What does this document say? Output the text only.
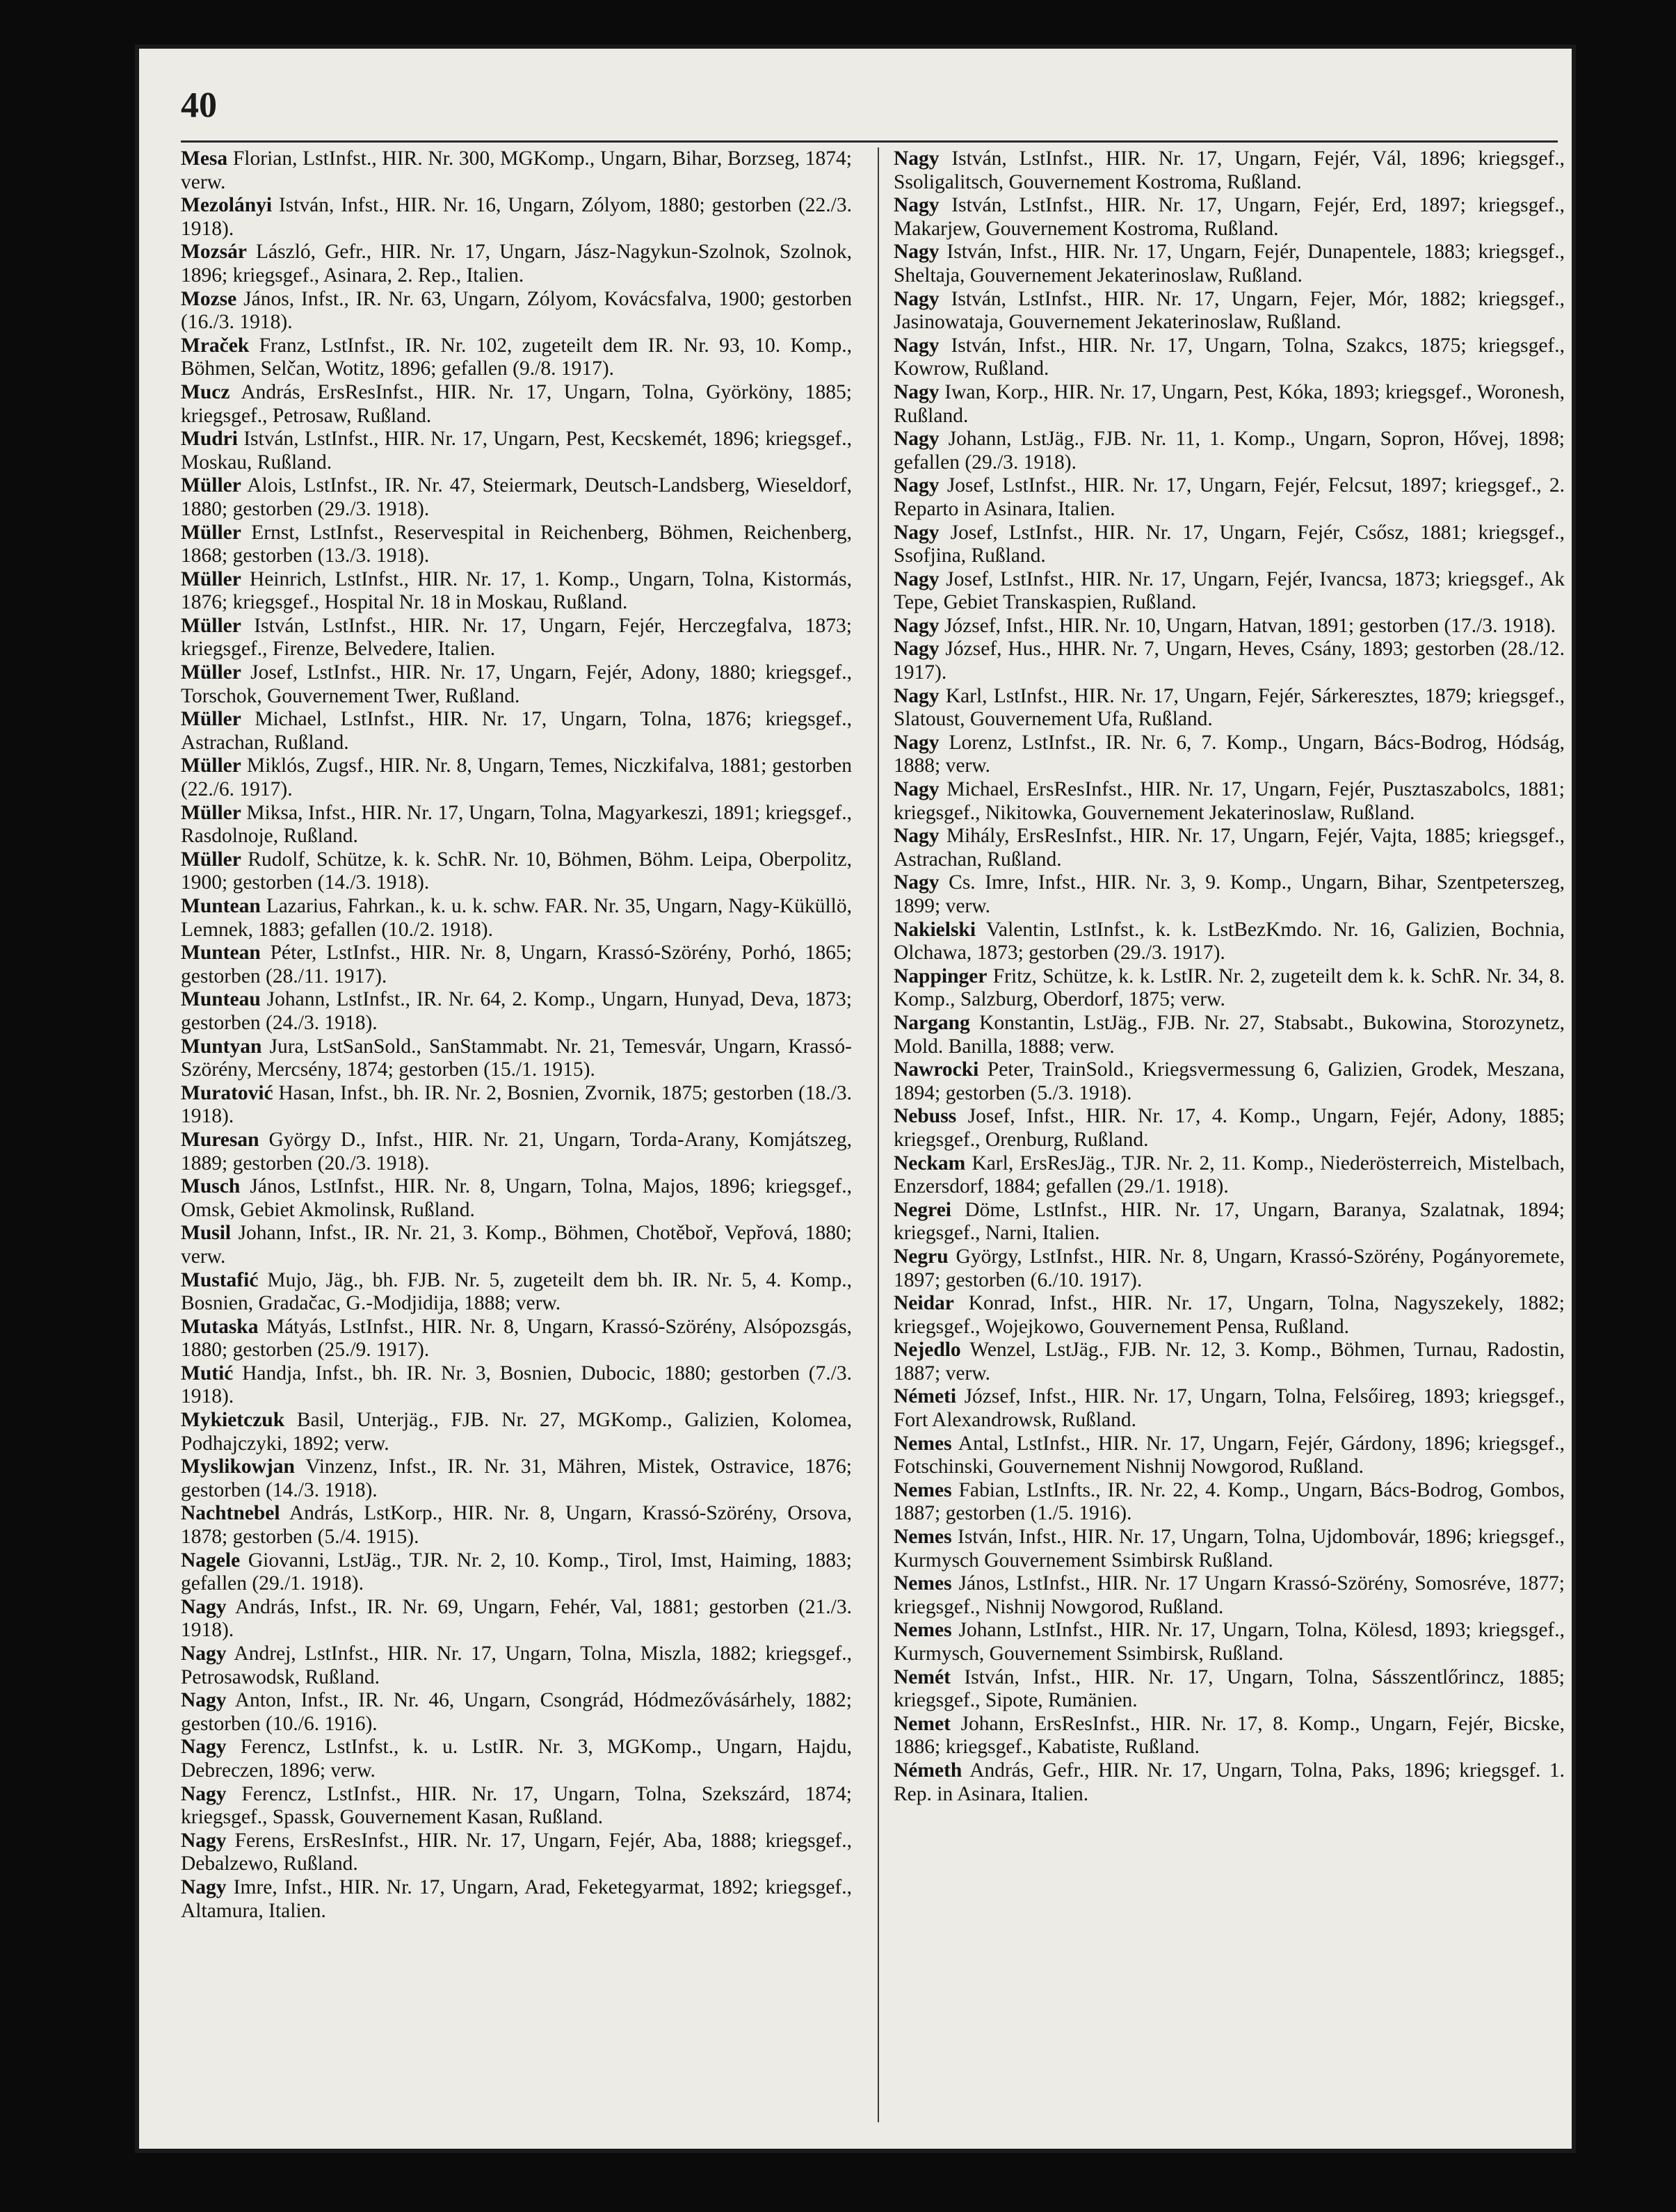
40
Mesa Florian, LstInfst., HIR. Nr. 300, MGKomp., Ungarn, Bihar, Borzseg, 1874; verw.
Mezolányi István, Infst., HIR. Nr. 16, Ungarn, Zólyom, 1880; gestorben (22./3. 1918).
Mozsár László, Gefr., HIR. Nr. 17, Ungarn, Jász-Nagykun-Szolnok, Szolnok, 1896; kriegsgef., Asinara, 2. Rep., Italien.
Mozse János, Infst., IR. Nr. 63, Ungarn, Zólyom, Kovácsfalva, 1900; gestorben (16./3. 1918).
Mraček Franz, LstInfst., IR. Nr. 102, zugeteilt dem IR. Nr. 93, 10. Komp., Böhmen, Selčan, Wotitz, 1896; gefallen (9./8. 1917).
Mucz András, ErsResInfst., HIR. Nr. 17, Ungarn, Tolna, Györköny, 1885; kriegsgef., Petrosaw, Rußland.
Mudri István, LstInfst., HIR. Nr. 17, Ungarn, Pest, Kecskemét, 1896; kriegsgef., Moskau, Rußland.
Müller Alois, LstInfst., IR. Nr. 47, Steiermark, Deutsch-Landsberg, Wieseldorf, 1880; gestorben (29./3. 1918).
Müller Ernst, LstInfst., Reservespital in Reichenberg, Böhmen, Reichenberg, 1868; gestorben (13./3. 1918).
Müller Heinrich, LstInfst., HIR. Nr. 17, 1. Komp., Ungarn, Tolna, Kistormás, 1876; kriegsgef., Hospital Nr. 18 in Moskau, Rußland.
Müller István, LstInfst., HIR. Nr. 17, Ungarn, Fejér, Herczegfalva, 1873; kriegsgef., Firenze, Belvedere, Italien.
Müller Josef, LstInfst., HIR. Nr. 17, Ungarn, Fejér, Adony, 1880; kriegsgef., Torschok, Gouvernement Twer, Rußland.
Müller Michael, LstInfst., HIR. Nr. 17, Ungarn, Tolna, 1876; kriegsgef., Astrachan, Rußland.
Müller Miklós, Zugsf., HIR. Nr. 8, Ungarn, Temes, Niczkifalva, 1881; gestorben (22./6. 1917).
Müller Miksa, Infst., HIR. Nr. 17, Ungarn, Tolna, Magyarkeszi, 1891; kriegsgef., Rasdolnoje, Rußland.
Müller Rudolf, Schütze, k. k. SchR. Nr. 10, Böhmen, Böhm. Leipa, Oberpolitz, 1900; gestorben (14./3. 1918).
Muntean Lazarius, Fahrkan., k. u. k. schw. FAR. Nr. 35, Ungarn, Nagy-Küküllö, Lemnek, 1883; gefallen (10./2. 1918).
Muntean Péter, LstInfst., HIR. Nr. 8, Ungarn, Krassó-Szörény, Porhó, 1865; gestorben (28./11. 1917).
Munteau Johann, LstInfst., IR. Nr. 64, 2. Komp., Ungarn, Hunyad, Deva, 1873; gestorben (24./3. 1918).
Muntyan Jura, LstSanSold., SanStammabt. Nr. 21, Temesvár, Ungarn, Krassó-Szörény, Mercsény, 1874; gestorben (15./1. 1915).
Muratović Hasan, Infst., bh. IR. Nr. 2, Bosnien, Zvornik, 1875; gestorben (18./3. 1918).
Muresan György D., Infst., HIR. Nr. 21, Ungarn, Torda-Arany, Komjátszeg, 1889; gestorben (20./3. 1918).
Musch János, LstInfst., HIR. Nr. 8, Ungarn, Tolna, Majos, 1896; kriegsgef., Omsk, Gebiet Akmolinsk, Rußland.
Musil Johann, Infst., IR. Nr. 21, 3. Komp., Böhmen, Chotěboř, Vepřová, 1880; verw.
Mustafić Mujo, Jäg., bh. FJB. Nr. 5, zugeteilt dem bh. IR. Nr. 5, 4. Komp., Bosnien, Gradačac, G.-Modjidija, 1888; verw.
Mutaska Mátyás, LstInfst., HIR. Nr. 8, Ungarn, Krassó-Szörény, Alsópozsgás, 1880; gestorben (25./9. 1917).
Mutić Handja, Infst., bh. IR. Nr. 3, Bosnien, Dubocic, 1880; gestorben (7./3. 1918).
Mykietczuk Basil, Unterjäg., FJB. Nr. 27, MGKomp., Galizien, Kolomea, Podhajczyki, 1892; verw.
Myslikowjan Vinzenz, Infst., IR. Nr. 31, Mähren, Mistek, Ostravice, 1876; gestorben (14./3. 1918).
Nachtnebel András, LstKorp., HIR. Nr. 8, Ungarn, Krassó-Szörény, Orsova, 1878; gestorben (5./4. 1915).
Nagele Giovanni, LstJäg., TJR. Nr. 2, 10. Komp., Tirol, Imst, Haiming, 1883; gefallen (29./1. 1918).
Nagy András, Infst., IR. Nr. 69, Ungarn, Fehér, Val, 1881; gestorben (21./3. 1918).
Nagy Andrej, LstInfst., HIR. Nr. 17, Ungarn, Tolna, Miszla, 1882; kriegsgef., Petrosawodsk, Rußland.
Nagy Anton, Infst., IR. Nr. 46, Ungarn, Csongrád, Hódmezővásárhely, 1882; gestorben (10./6. 1916).
Nagy Ferencz, LstInfst., k. u. LstIR. Nr. 3, MGKomp., Ungarn, Hajdu, Debreczen, 1896; verw.
Nagy Ferencz, LstInfst., HIR. Nr. 17, Ungarn, Tolna, Szekszárd, 1874; kriegsgef., Spassk, Gouvernement Kasan, Rußland.
Nagy Ferens, ErsResInfst., HIR. Nr. 17, Ungarn, Fejér, Aba, 1888; kriegsgef., Debalzewo, Rußland.
Nagy Imre, Infst., HIR. Nr. 17, Ungarn, Arad, Feketegyarmat, 1892; kriegsgef., Altamura, Italien.
Nagy István, LstInfst., HIR. Nr. 17, Ungarn, Fejér, Vál, 1896; kriegsgef., Ssoligalitsch, Gouvernement Kostroma, Rußland.
Nagy István, LstInfst., HIR. Nr. 17, Ungarn, Fejér, Erd, 1897; kriegsgef., Makarjew, Gouvernement Kostroma, Rußland.
Nagy István, Infst., HIR. Nr. 17, Ungarn, Fejér, Dunapentele, 1883; kriegsgef., Sheltaja, Gouvernement Jekaterinoslaw, Rußland.
Nagy István, LstInfst., HIR. Nr. 17, Ungarn, Fejer, Mór, 1882; kriegsgef., Jasinowataja, Gouvernement Jekaterinoslaw, Rußland.
Nagy István, Infst., HIR. Nr. 17, Ungarn, Tolna, Szakcs, 1875; kriegsgef., Kowrow, Rußland.
Nagy Iwan, Korp., HIR. Nr. 17, Ungarn, Pest, Kóka, 1893; kriegsgef., Woronesh, Rußland.
Nagy Johann, LstJäg., FJB. Nr. 11, 1. Komp., Ungarn, Sopron, Hővej, 1898; gefallen (29./3. 1918).
Nagy Josef, LstInfst., HIR. Nr. 17, Ungarn, Fejér, Felcsut, 1897; kriegsgef., 2. Reparto in Asinara, Italien.
Nagy Josef, LstInfst., HIR. Nr. 17, Ungarn, Fejér, Csősz, 1881; kriegsgef., Ssofjina, Rußland.
Nagy Josef, LstInfst., HIR. Nr. 17, Ungarn, Fejér, Ivancsa, 1873; kriegsgef., Ak Tepe, Gebiet Transkaspien, Rußland.
Nagy József, Infst., HIR. Nr. 10, Ungarn, Hatvan, 1891; gestorben (17./3. 1918).
Nagy József, Hus., HHR. Nr. 7, Ungarn, Heves, Csány, 1893; gestorben (28./12. 1917).
Nagy Karl, LstInfst., HIR. Nr. 17, Ungarn, Fejér, Sárkeresztes, 1879; kriegsgef., Slatoust, Gouvernement Ufa, Rußland.
Nagy Lorenz, LstInfst., IR. Nr. 6, 7. Komp., Ungarn, Bács-Bodrog, Hódság, 1888; verw.
Nagy Michael, ErsResInfst., HIR. Nr. 17, Ungarn, Fejér, Pusztaszabolcs, 1881; kriegsgef., Nikitowka, Gouvernement Jekaterinoslaw, Rußland.
Nagy Mihály, ErsResInfst., HIR. Nr. 17, Ungarn, Fejér, Vajta, 1885; kriegsgef., Astrachan, Rußland.
Nagy Cs. Imre, Infst., HIR. Nr. 3, 9. Komp., Ungarn, Bihar, Szentpeterszeg, 1899; verw.
Nakielski Valentin, LstInfst., k. k. LstBezKmdo. Nr. 16, Galizien, Bochnia, Olchawa, 1873; gestorben (29./3. 1917).
Nappinger Fritz, Schütze, k. k. LstIR. Nr. 2, zugeteilt dem k. k. SchR. Nr. 34, 8. Komp., Salzburg, Oberdorf, 1875; verw.
Nargang Konstantin, LstJäg., FJB. Nr. 27, Stabsabt., Bukowina, Storozynetz, Mold. Banilla, 1888; verw.
Nawrocki Peter, TrainSold., Kriegsvermessung 6, Galizien, Grodek, Meszana, 1894; gestorben (5./3. 1918).
Nebuss Josef, Infst., HIR. Nr. 17, 4. Komp., Ungarn, Fejér, Adony, 1885; kriegsgef., Orenburg, Rußland.
Neckam Karl, ErsResJäg., TJR. Nr. 2, 11. Komp., Niederösterreich, Mistelbach, Enzersdorf, 1884; gefallen (29./1. 1918).
Negrei Döme, LstInfst., HIR. Nr. 17, Ungarn, Baranya, Szalatnak, 1894; kriegsgef., Narni, Italien.
Negru György, LstInfst., HIR. Nr. 8, Ungarn, Krassó-Szörény, Pogányoremete, 1897; gestorben (6./10. 1917).
Neidar Konrad, Infst., HIR. Nr. 17, Ungarn, Tolna, Nagyszekely, 1882; kriegsgef., Wojejkowo, Gouvernement Pensa, Rußland.
Nejedlo Wenzel, LstJäg., FJB. Nr. 12, 3. Komp., Böhmen, Turnau, Radostin, 1887; verw.
Németi József, Infst., HIR. Nr. 17, Ungarn, Tolna, Felsőireg, 1893; kriegsgef., Fort Alexandrowsk, Rußland.
Nemes Antal, LstInfst., HIR. Nr. 17, Ungarn, Fejér, Gárdony, 1896; kriegsgef., Fotschinski, Gouvernement Nishnij Nowgorod, Rußland.
Nemes Fabian, LstInfts., IR. Nr. 22, 4. Komp., Ungarn, Bács-Bodrog, Gombos, 1887; gestorben (1./5. 1916).
Nemes István, Infst., HIR. Nr. 17, Ungarn, Tolna, Ujdombovár, 1896; kriegsgef., Kurmysch Gouvernement Ssimbirsk Rußland.
Nemes János, LstInfst., HIR. Nr. 17 Ungarn Krassó-Szörény, Somosréve, 1877; kriegsgef., Nishnij Nowgorod, Rußland.
Nemes Johann, LstInfst., HIR. Nr. 17, Ungarn, Tolna, Kölesd, 1893; kriegsgef., Kurmysch, Gouvernement Ssimbirsk, Rußland.
Nemét István, Infst., HIR. Nr. 17, Ungarn, Tolna, Sásszentlőrincz, 1885; kriegsgef., Sipote, Rumänien.
Nemet Johann, ErsResInfst., HIR. Nr. 17, 8. Komp., Ungarn, Fejér, Bicske, 1886; kriegsgef., Kabatiste, Rußland.
Németh András, Gefr., HIR. Nr. 17, Ungarn, Tolna, Paks, 1896; kriegsgef. 1. Rep. in Asinara, Italien.
